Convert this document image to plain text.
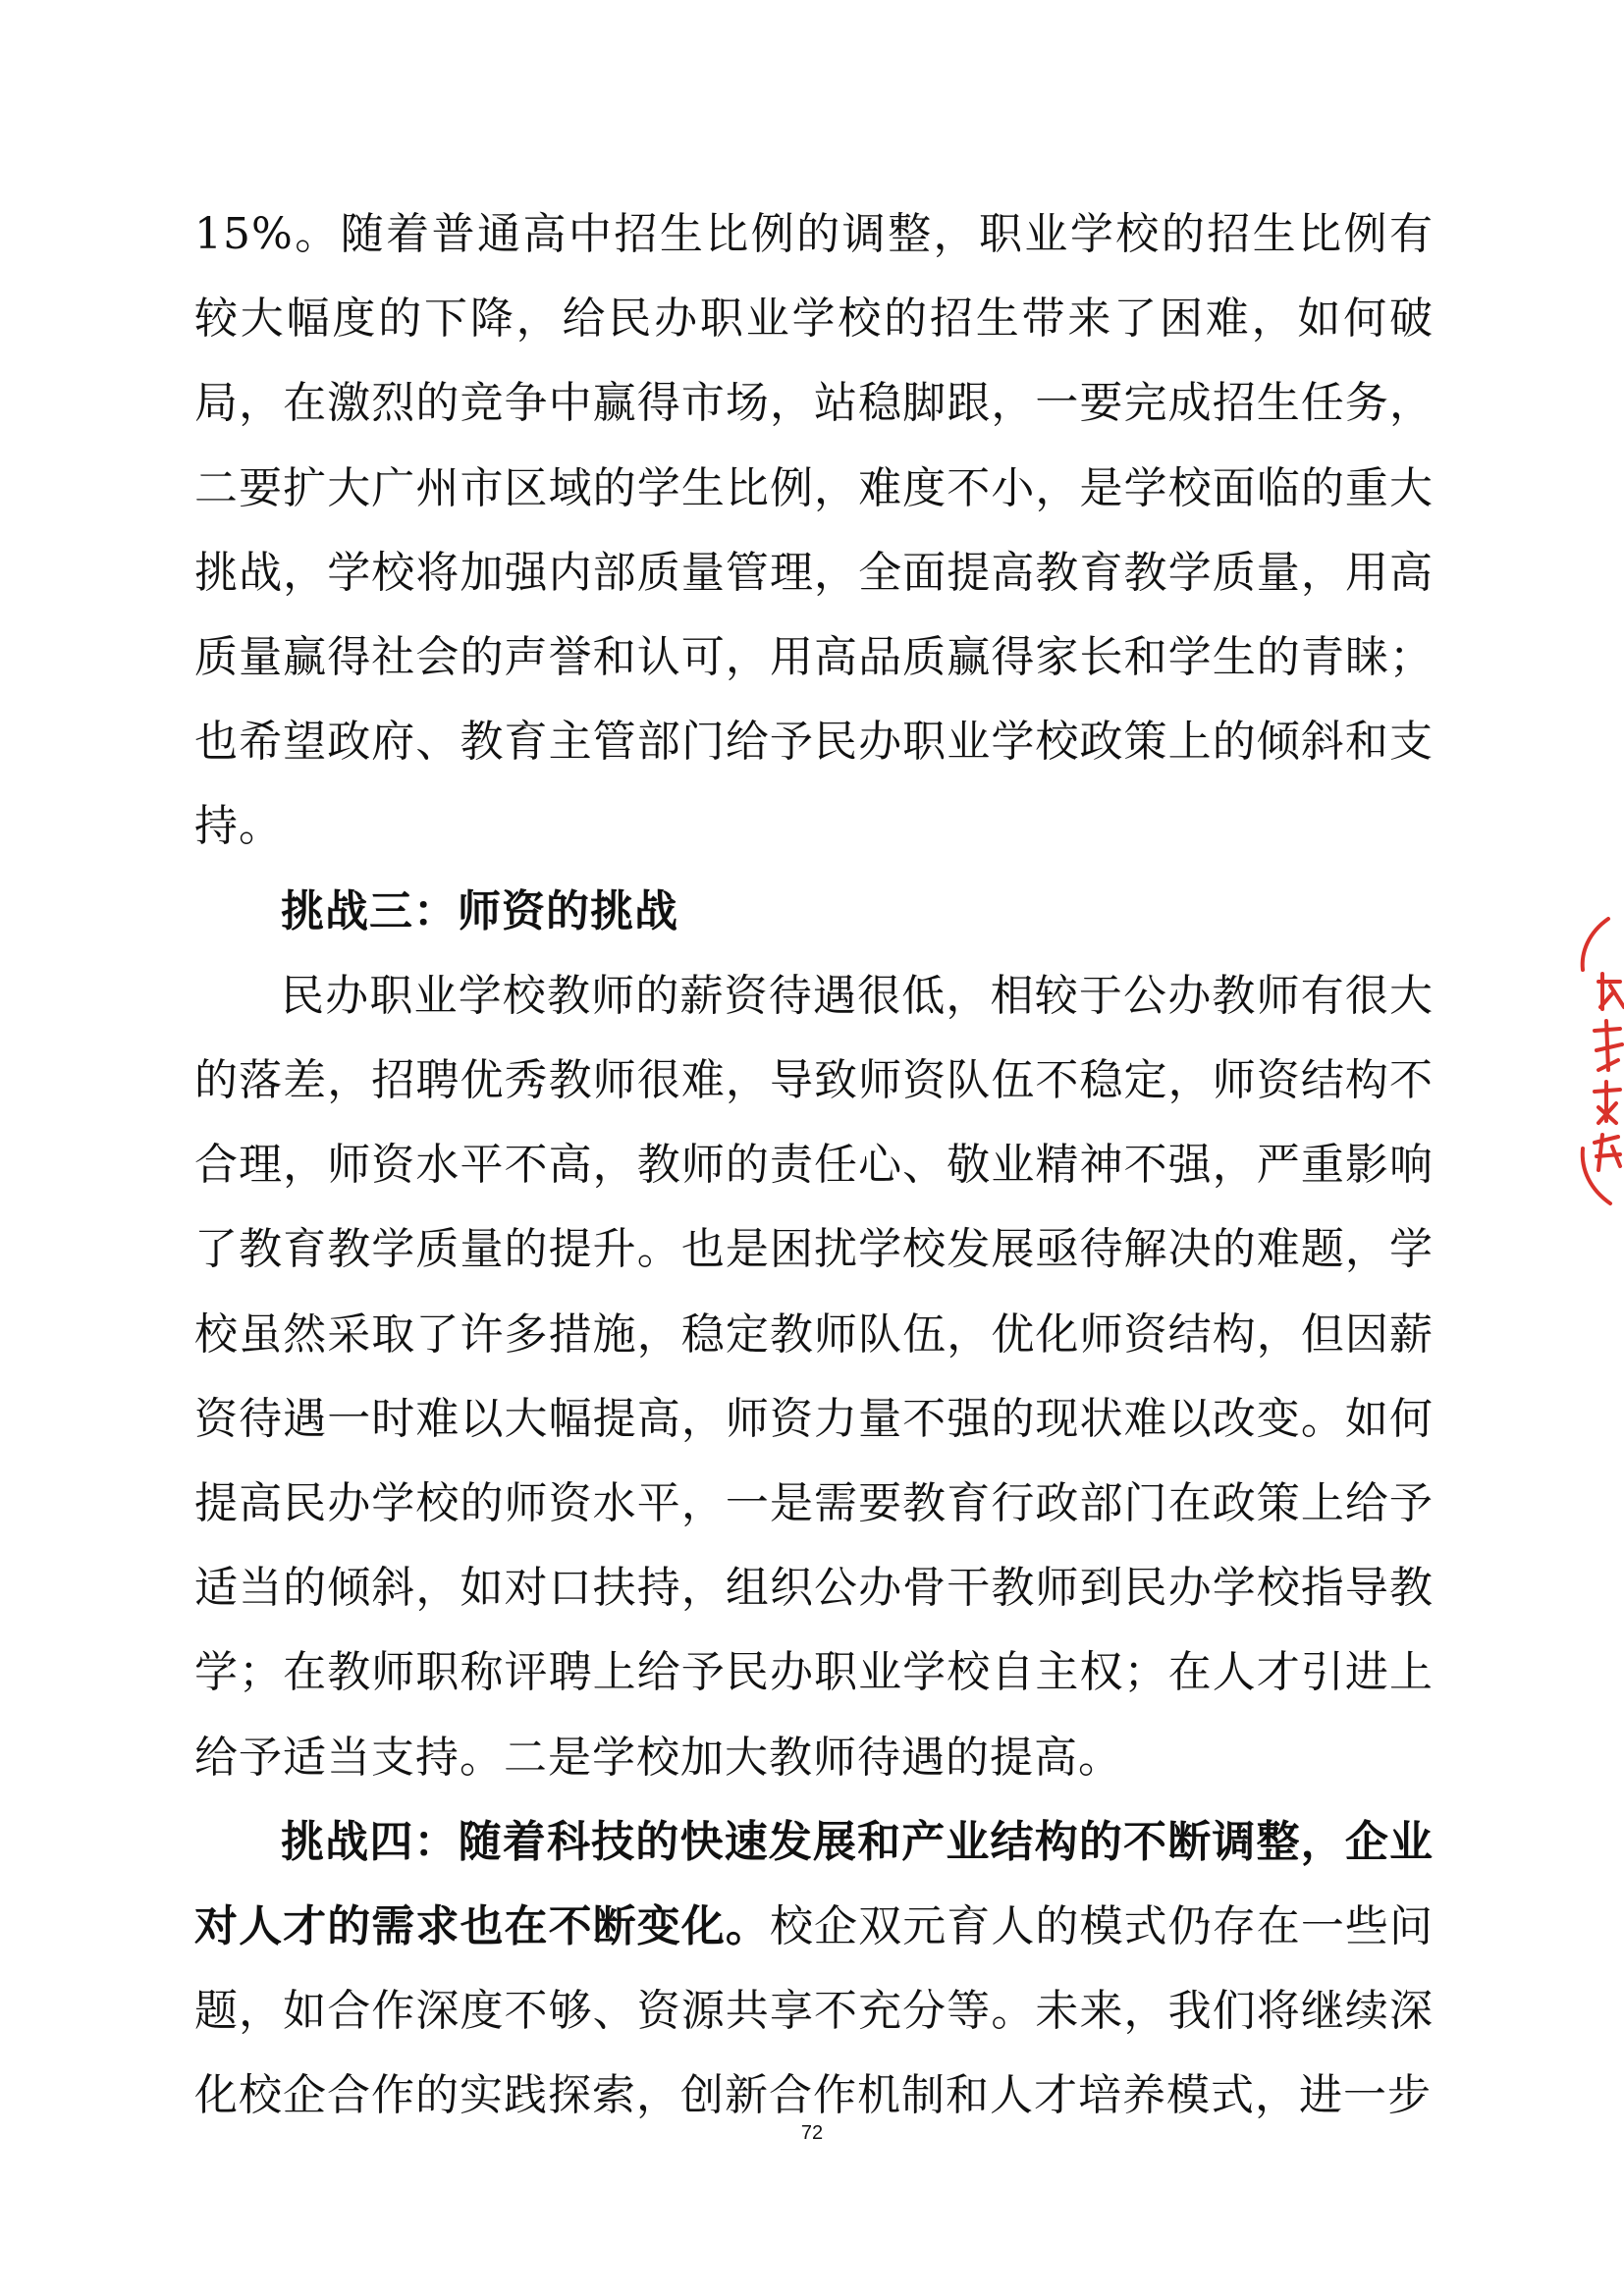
15%。随着普通高中招生比例的调整，职业学校的招生比例有较大幅度的下降，给民办职业学校的招生带来了困难，如何破局，在激烈的竞争中赢得市场，站稳脚跟，一要完成招生任务，二要扩大广州市区域的学生比例，难度不小，是学校面临的重大挑战，学校将加强内部质量管理，全面提高教育教学质量，用高质量赢得社会的声誉和认可，用高品质赢得家长和学生的青睐；也希望政府、教育主管部门给予民办职业学校政策上的倾斜和支持。

挑战三：师资的挑战

民办职业学校教师的薪资待遇很低，相较于公办教师有很大的落差，招聘优秀教师很难，导致师资队伍不稳定，师资结构不合理，师资水平不高，教师的责任心、敬业精神不强，严重影响了教育教学质量的提升。也是困扰学校发展亟待解决的难题，学校虽然采取了许多措施，稳定教师队伍，优化师资结构，但因薪资待遇一时难以大幅提高，师资力量不强的现状难以改变。如何提高民办学校的师资水平，一是需要教育行政部门在政策上给予适当的倾斜，如对口扶持，组织公办骨干教师到民办学校指导教学；在教师职称评聘上给予民办职业学校自主权；在人才引进上给予适当支持。二是学校加大教师待遇的提高。

挑战四：随着科技的快速发展和产业结构的不断调整，企业对人才的需求也在不断变化。校企双元育人的模式仍存在一些问题，如合作深度不够、资源共享不充分等。未来，我们将继续深化校企合作的实践探索，创新合作机制和人才培养模式，进一步

72
